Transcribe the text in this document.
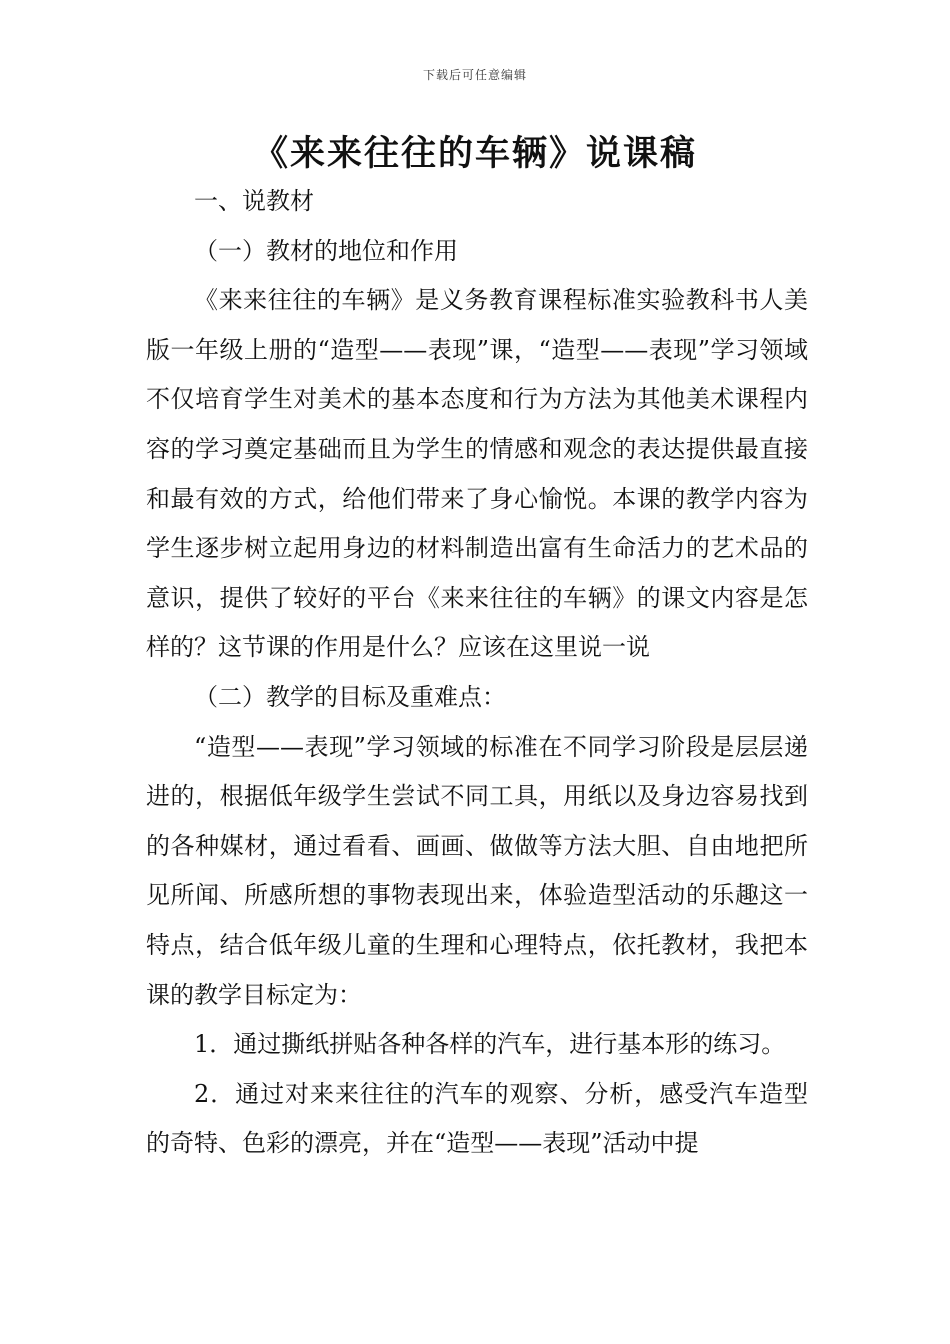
下载后可任意编辑
《来来往往的车辆》说课稿

一、说教材

（一）教材的地位和作用

《来来往往的车辆》是义务教育课程标准实验教科书人美版一年级上册的“造型——表现”课，“造型——表现”学习领域不仅培育学生对美术的基本态度和行为方法为其他美术课程内容的学习奠定基础而且为学生的情感和观念的表达提供最直接和最有效的方式，给他们带来了身心愉悦。本课的教学内容为学生逐步树立起用身边的材料制造出富有生命活力的艺术品的意识，提供了较好的平台《来来往往的车辆》的课文内容是怎样的？这节课的作用是什么？应该在这里说一说

（二）教学的目标及重难点：

“造型——表现”学习领域的标准在不同学习阶段是层层递进的，根据低年级学生尝试不同工具，用纸以及身边容易找到的各种媒材，通过看看、画画、做做等方法大胆、自由地把所见所闻、所感所想的事物表现出来，体验造型活动的乐趣这一特点，结合低年级儿童的生理和心理特点，依托教材，我把本课的教学目标定为：

1．通过撕纸拼贴各种各样的汽车，进行基本形的练习。

2．通过对来来往往的汽车的观察、分析，感受汽车造型的奇特、色彩的漂亮，并在“造型——表现”活动中提
